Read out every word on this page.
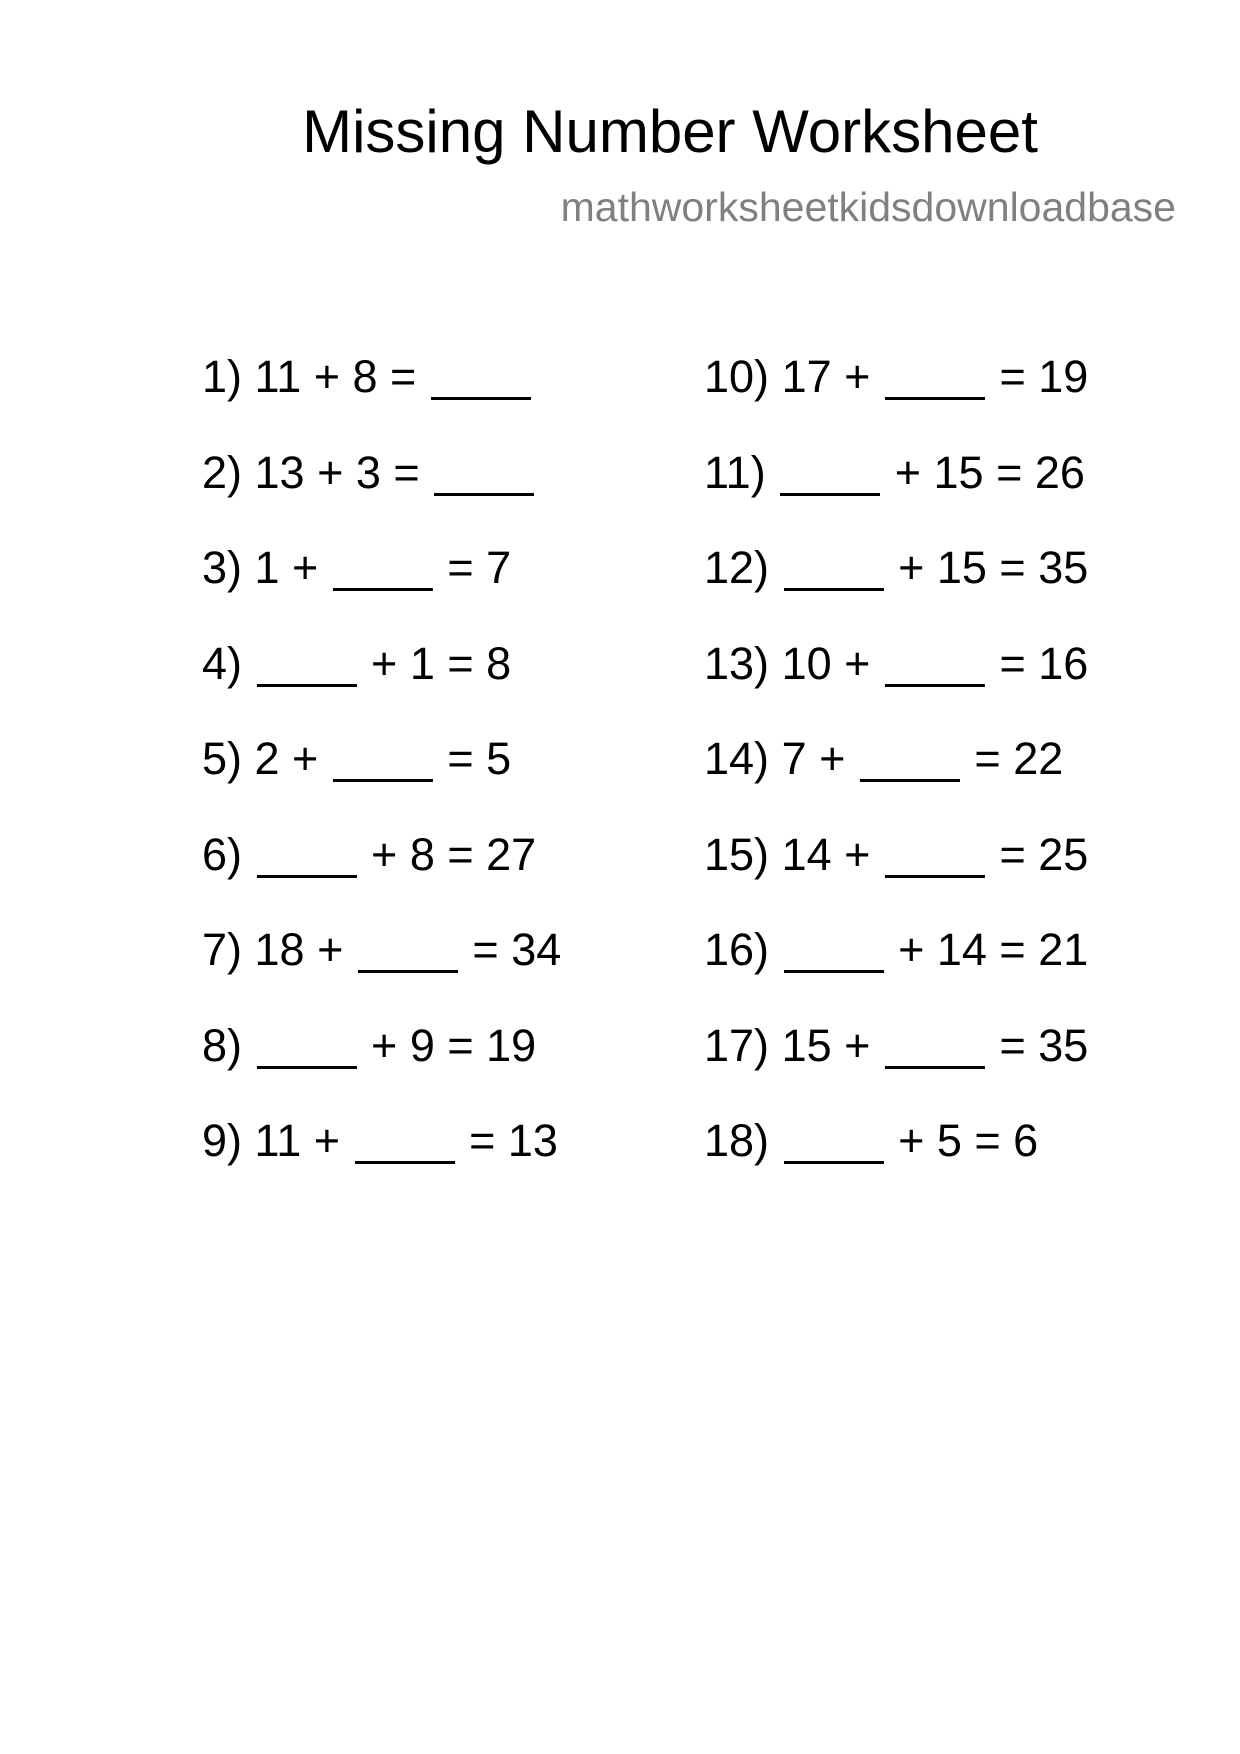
Missing Number Worksheet
mathworksheetkidsdownloadbase
1) 11 + 8 =
2) 13 + 3 =
3) 1 +	= 7
4)	+ 1 = 8
5) 2 +	= 5
6)	+ 8 = 27
7) 18 +	= 34
8)	+ 9 = 19
9) 11 +	= 13
10) 17 +	= 19
11)	+ 15 = 26
12)	+ 15 = 35
13) 10 +	= 16
14) 7 +	= 22
15) 14 +	= 25
16)	+ 14 = 21
17) 15 +	= 35
18)	+ 5 = 6
